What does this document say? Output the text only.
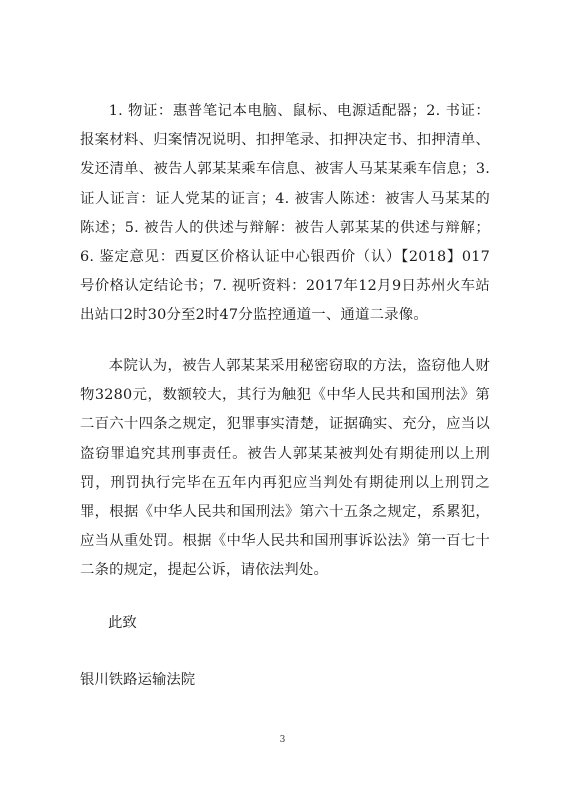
1. 物证：惠普笔记本电脑、鼠标、电源适配器；2. 书证：报案材料、归案情况说明、扣押笔录、扣押决定书、扣押清单、发还清单、被告人郭某某乘车信息、被害人马某某乘车信息；3. 证人证言：证人党某的证言；4. 被害人陈述：被害人马某某的陈述；5. 被告人的供述与辩解：被告人郭某某的供述与辩解；6. 鉴定意见：西夏区价格认证中心银西价（认）【2018】017号价格认定结论书；7. 视听资料：2017年12月9日苏州火车站出站口2时30分至2时47分监控通道一、通道二录像。

本院认为，被告人郭某某采用秘密窃取的方法，盗窃他人财物3280元，数额较大，其行为触犯《中华人民共和国刑法》第二百六十四条之规定，犯罪事实清楚，证据确实、充分，应当以盗窃罪追究其刑事责任。被告人郭某某被判处有期徒刑以上刑罚，刑罚执行完毕在五年内再犯应当判处有期徒刑以上刑罚之罪，根据《中华人民共和国刑法》第六十五条之规定，系累犯，应当从重处罚。根据《中华人民共和国刑事诉讼法》第一百七十二条的规定，提起公诉，请依法判处。

此致

银川铁路运输法院

3
